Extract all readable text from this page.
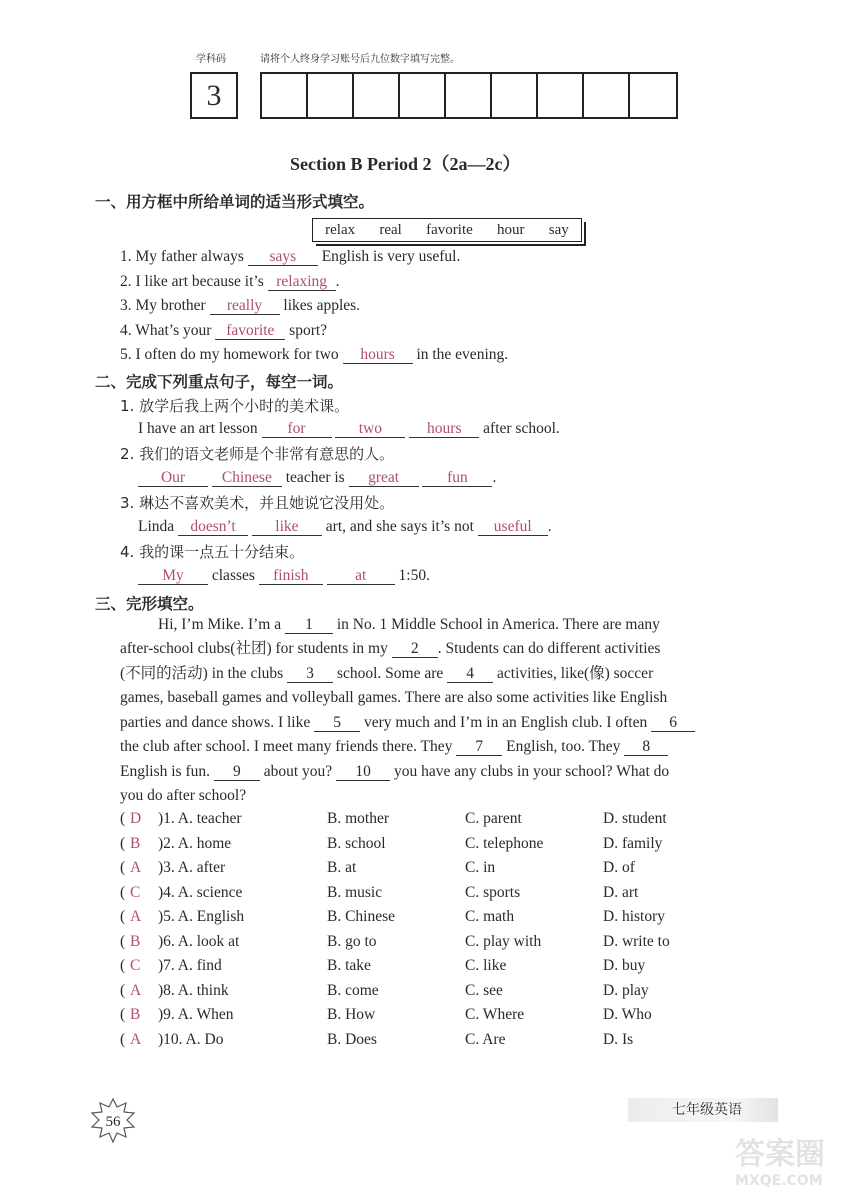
学科码	请将个人终身学习账号后九位数字填写完整。
3
Section B Period 2（2a—2c）
一、用方框中所给单词的适当形式填空。
relax real favorite hour say
1. My father always says English is very useful.
2. I like art because it’s relaxing .
3. My brother really likes apples.
4. What’s your favorite sport?
5. I often do my homework for two hours in the evening.
二、完成下列重点句子，每空一词。
1. 放学后我上两个小时的美术课。
I have an art lesson for	two	hours after school.
2. 我们的语文老师是个非常有意思的人。
Our Chinese teacher is great	fun .
3. 琳达不喜欢美术，并且她说它没用处。
Linda doesn’t	like art, and she says it’s not useful .
4. 我的课一点五十分结束。
My classes finish	at 1:50.
三、完形填空。
Hi, I’m Mike. I’m a 1 in No. 1 Middle School in America. There are many
after-school clubs(社团) for students in my 2 . Students can do different activities
(不同的活动) in the clubs 3 school. Some are 4 activities, like(像) soccer
games, baseball games and volleyball games. There are also some activities like English
parties and dance shows. I like 5 very much and I’m in an English club. I often 6
the club after school. I meet many friends there. They 7 English, too. They 8
English is fun. 9 about you? 10 you have any clubs in your school? What do
you do after school?
( D )1. A. teacher	B. mother	C. parent	D. student
( B )2. A. home	B. school	C. telephone	D. family
( A )3. A. after	B. at	C. in	D. of
( C )4. A. science	B. music	C. sports	D. art
( A )5. A. English	B. Chinese	C. math	D. history
( B )6. A. look at	B. go to	C. play with	D. write to
( C )7. A. find	B. take	C. like	D. buy
( A )8. A. think	B. come	C. see	D. play
( B )9. A. When	B. How	C. Where	D. Who
( A )10. A. Do	B. Does	C. Are	D. Is
56
七年级英语
答案圈
MXQE.COM
